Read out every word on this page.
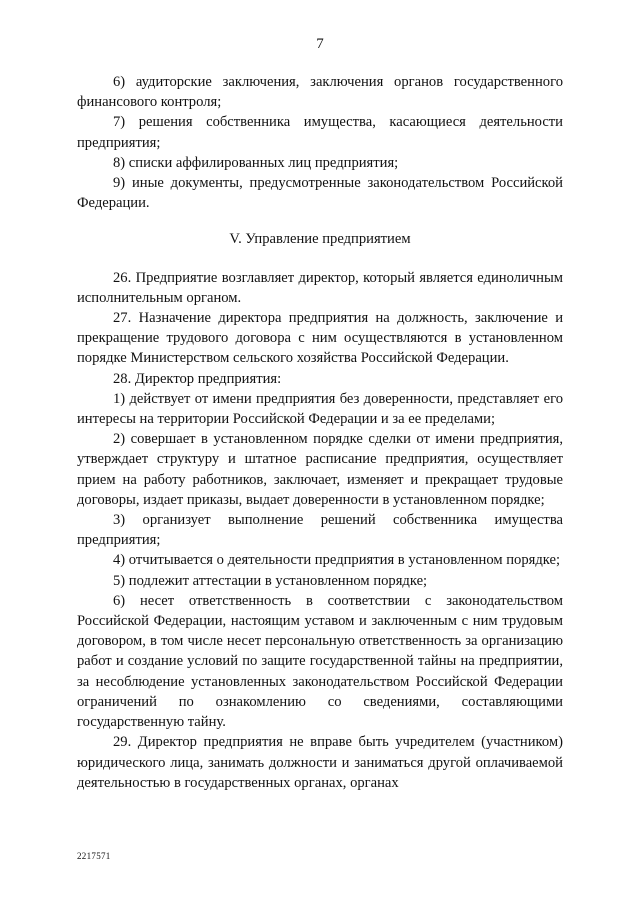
7

6) аудиторские заключения, заключения органов государственного финансового контроля;

7) решения собственника имущества, касающиеся деятельности предприятия;

8) списки аффилированных лиц предприятия;

9) иные документы, предусмотренные законодательством Российской Федерации.

V. Управление предприятием

26. Предприятие возглавляет директор, который является единоличным исполнительным органом.

27. Назначение директора предприятия на должность, заключение и прекращение трудового договора с ним осуществляются в установленном порядке Министерством сельского хозяйства Российской Федерации.

28. Директор предприятия:

1) действует от имени предприятия без доверенности, представляет его интересы на территории Российской Федерации и за ее пределами;

2) совершает в установленном порядке сделки от имени предприятия, утверждает структуру и штатное расписание предприятия, осуществляет прием на работу работников, заключает, изменяет и прекращает трудовые договоры, издает приказы, выдает доверенности в установленном порядке;

3) организует выполнение решений собственника имущества предприятия;

4) отчитывается о деятельности предприятия в установленном порядке;

5) подлежит аттестации в установленном порядке;

6) несет ответственность в соответствии с законодательством Российской Федерации, настоящим уставом и заключенным с ним трудовым договором, в том числе несет персональную ответственность за организацию работ и создание условий по защите государственной тайны на предприятии, за несоблюдение установленных законодательством Российской Федерации ограничений по ознакомлению со сведениями, составляющими государственную тайну.

29. Директор предприятия не вправе быть учредителем (участником) юридического лица, занимать должности и заниматься другой оплачиваемой деятельностью в государственных органах, органах

2217571
